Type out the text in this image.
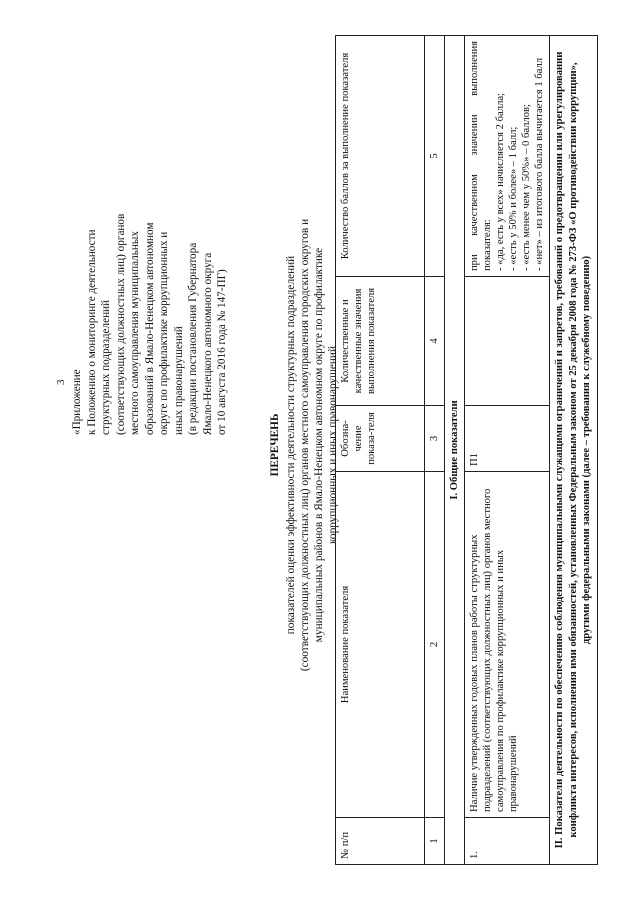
3 «Приложение к Положению о мониторинге деятельности структурных подразделений (соответствующих должностных лиц) органов местного самоуправления муниципальных образований в Ямало-Ненецком автономном округе по профилактике коррупционных и иных правонарушений (в редакции постановления Губернатора Ямало-Ненецкого автономного округа от 10 августа 2016 года № 147-ПГ)
ПЕРЕЧЕНЬ показателей оценки эффективности деятельности структурных подразделений (соответствующих должностных лиц) органов местного самоуправления городских округов и муниципальных районов в Ямало-Ненецком автономном округе по профилактике коррупционных и иных правонарушений
№ п/п	Наименование показателя	Обозна-чение показа-теля	Количественные и качественные значения выполнения показателя	Количество баллов за выполнение показателя
1	2	3	4	5
I. Общие показатели				
1.	Наличие утвержденных годовых планов работы структурных подразделений (соответствующих должностных лиц) органов местного самоуправления по профилактике коррупционных и иных правонарушений	П1		при качественном значении выполнения показателя: - «да, есть у всех» начисляется 2 балла; - «есть у 50% и более» – 1 балл; - «есть менее чем у 50%» – 0 баллов; - «нет» – из итогового балла вычитается 1 балл

II. Показатели деятельности по обеспечению соблюдения муниципальными служащими ограничений и запретов, требований о предотвращении или урегулировании конфликта интересов, исполнения ими обязанностей, установленных Федеральным законом от 25 декабря 2008 года № 273-ФЗ «О противодействии коррупции», другими федеральными законами (далее – требования к служебному поведению)				
